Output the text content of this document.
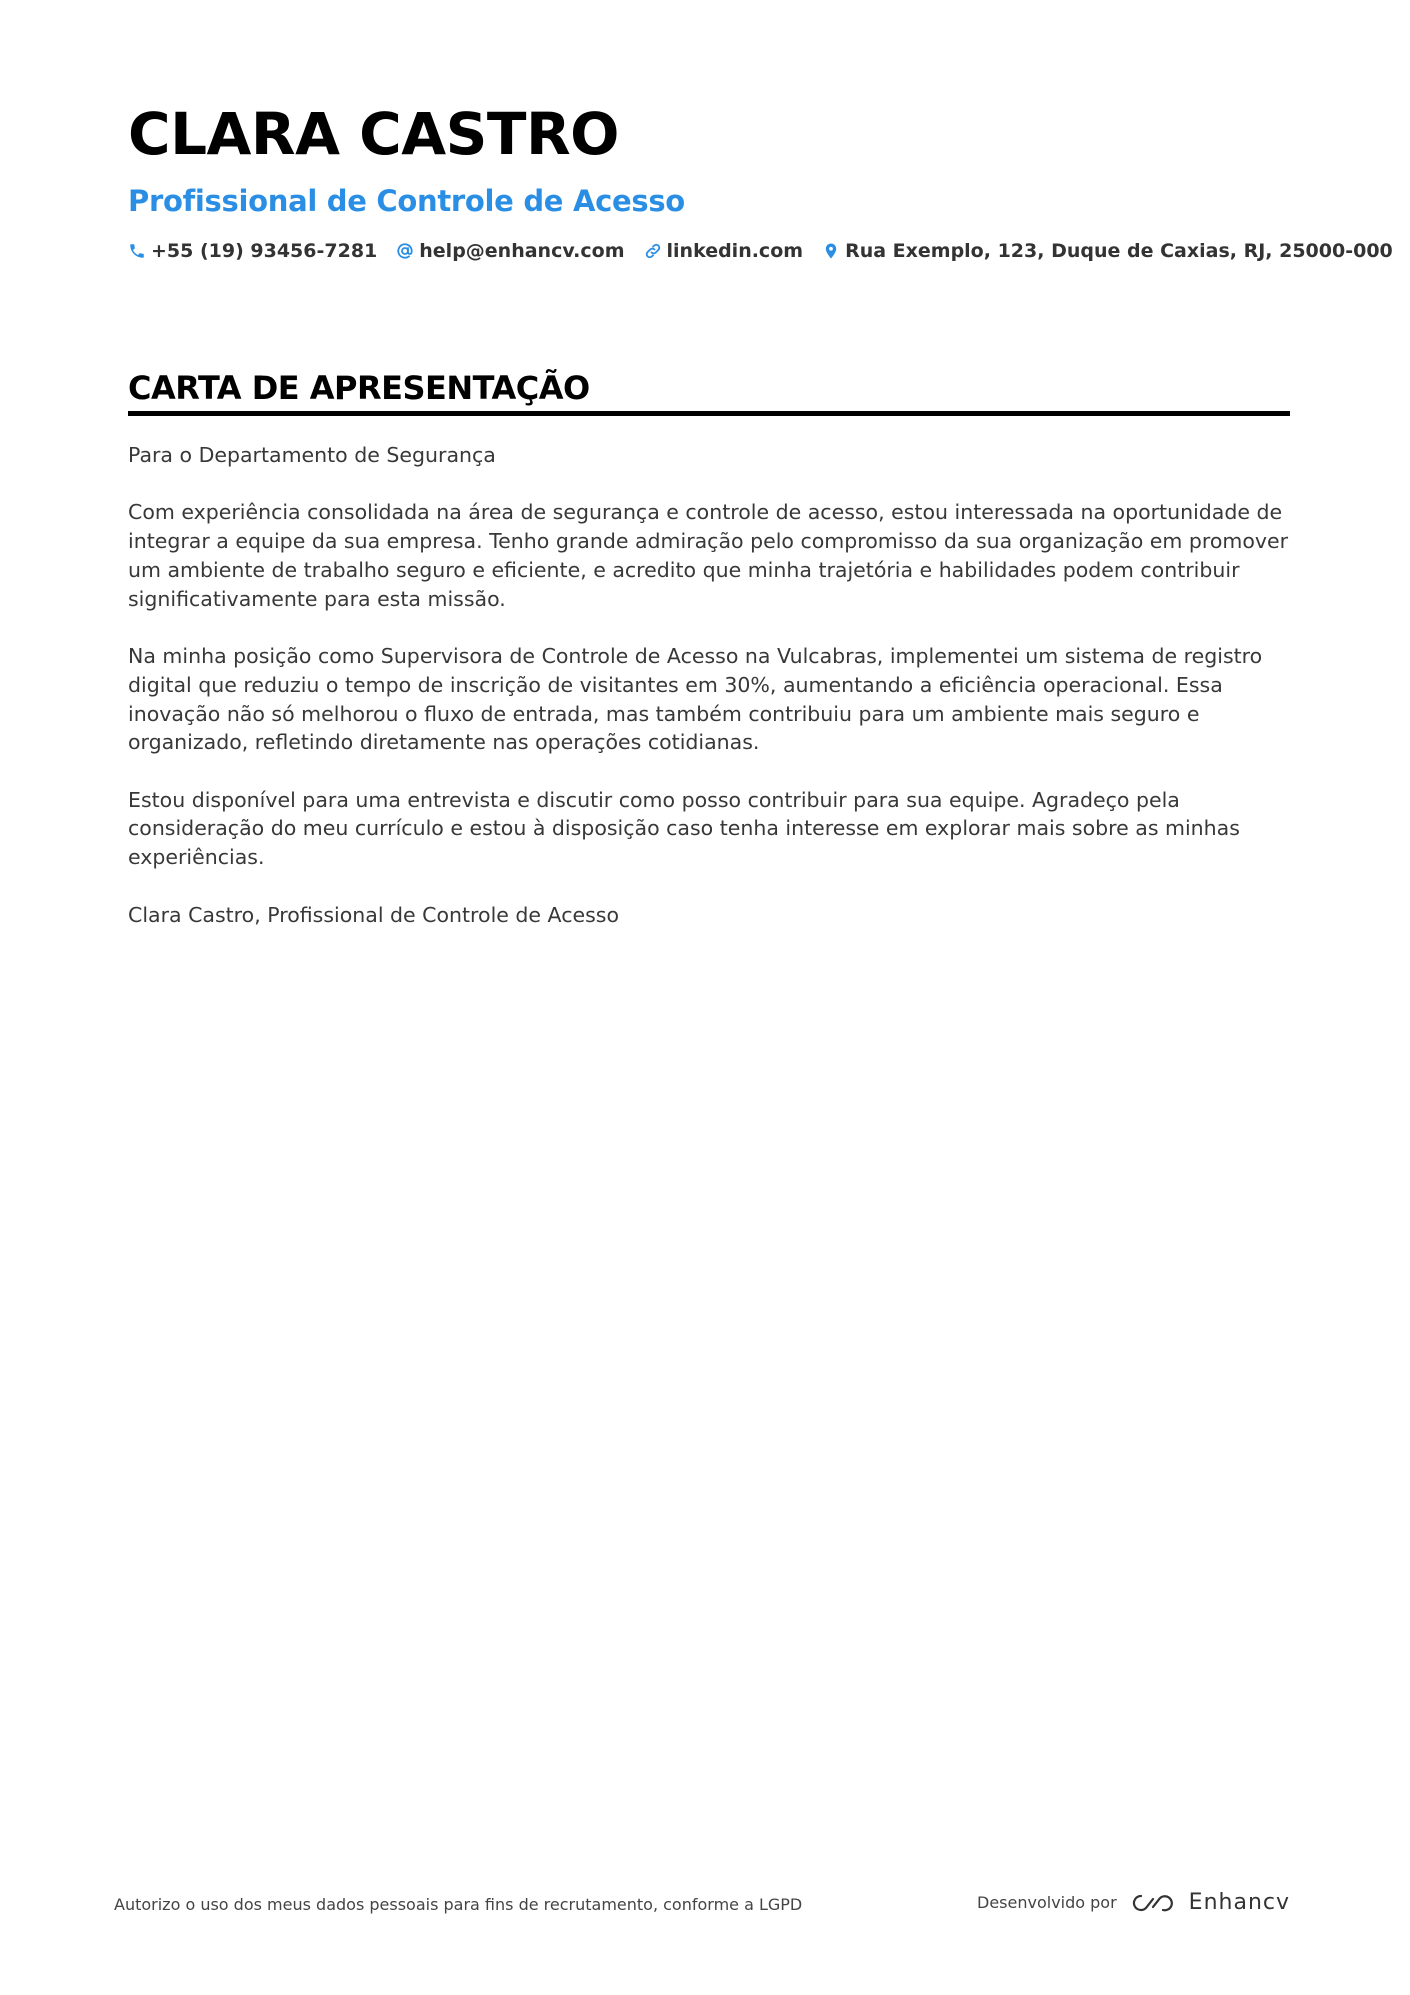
CLARA CASTRO
Profissional de Controle de Acesso
+55 (19) 93456-7281 help@enhancv.com linkedin.com Rua Exemplo, 123, Duque de Caxias, RJ, 25000-000
CARTA DE APRESENTAÇÃO

Para o Departamento de Segurança

Com experiência consolidada na área de segurança e controle de acesso, estou interessada na oportunidade de integrar a equipe da sua empresa. Tenho grande admiração pelo compromisso da sua organização em promover um ambiente de trabalho seguro e eficiente, e acredito que minha trajetória e habilidades podem contribuir significativamente para esta missão.

Na minha posição como Supervisora de Controle de Acesso na Vulcabras, implementei um sistema de registro digital que reduziu o tempo de inscrição de visitantes em 30%, aumentando a eficiência operacional. Essa inovação não só melhorou o fluxo de entrada, mas também contribuiu para um ambiente mais seguro e organizado, refletindo diretamente nas operações cotidianas.

Estou disponível para uma entrevista e discutir como posso contribuir para sua equipe. Agradeço pela consideração do meu currículo e estou à disposição caso tenha interesse em explorar mais sobre as minhas experiências.

Clara Castro, Profissional de Controle de Acesso

Autorizo o uso dos meus dados pessoais para fins de recrutamento, conforme a LGPD	Desenvolvido por	Enhancv
